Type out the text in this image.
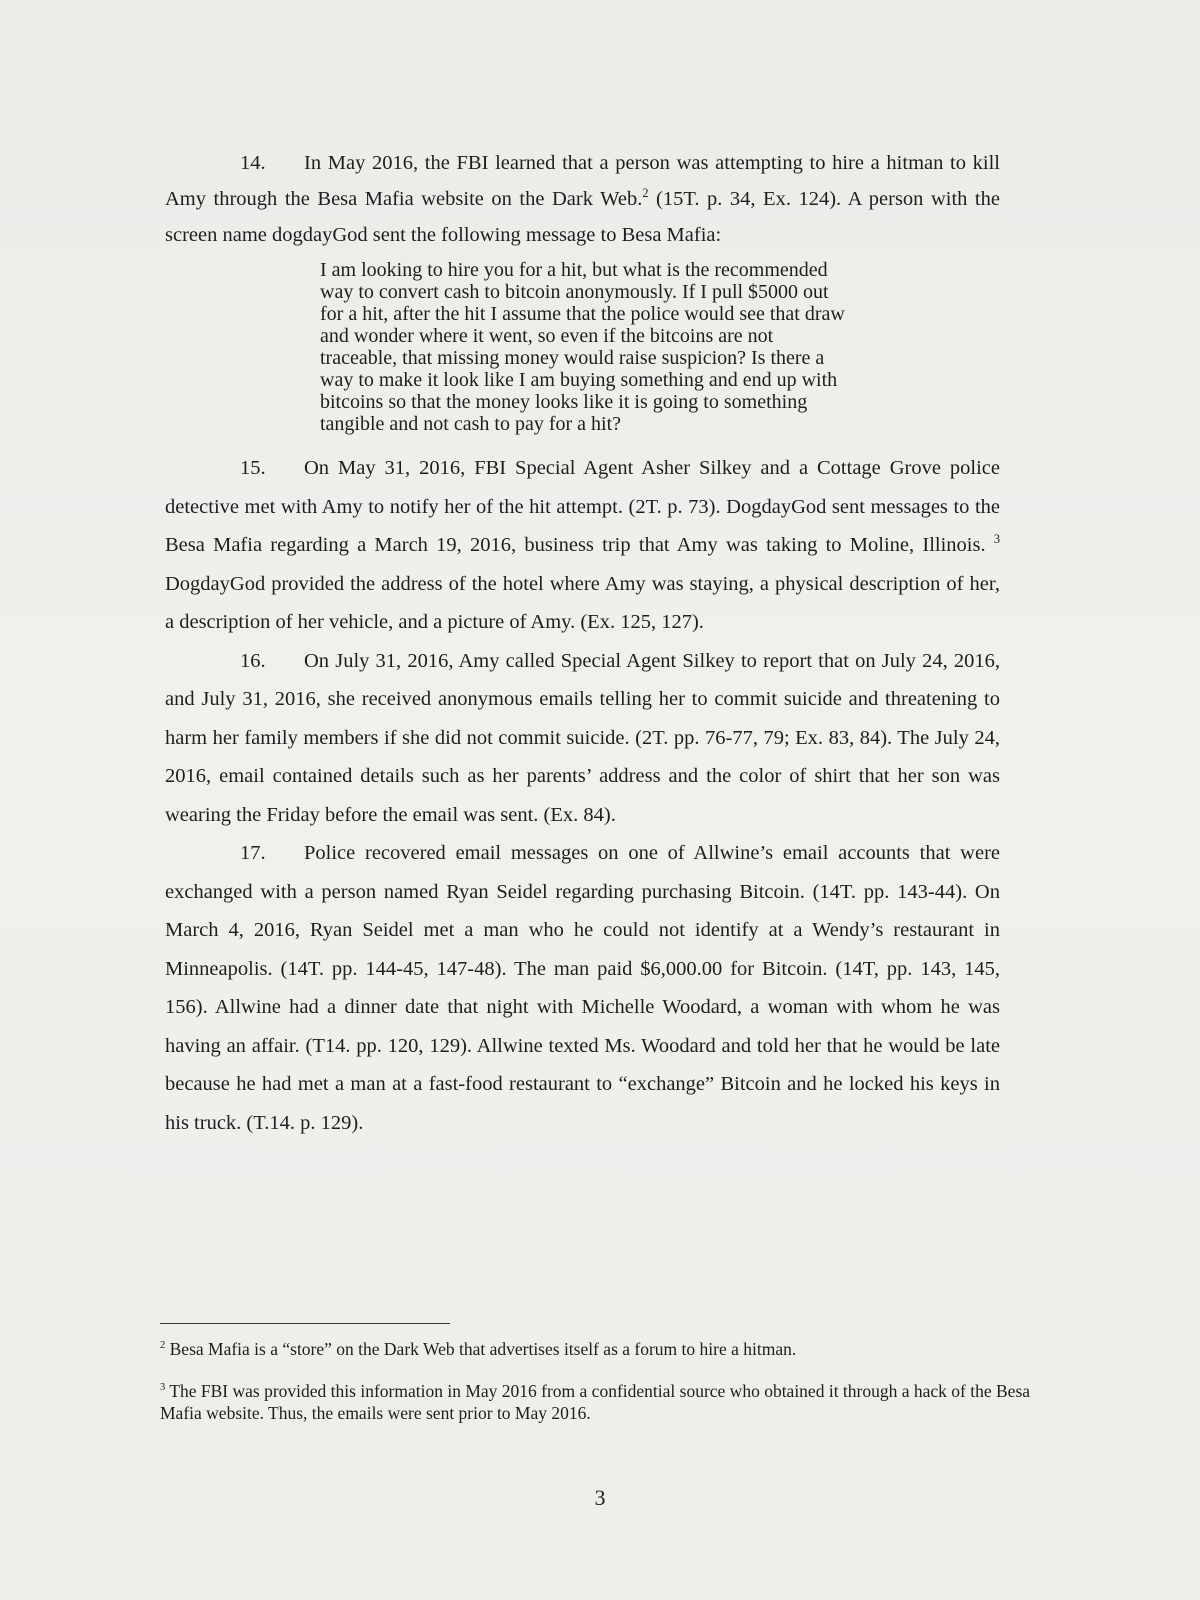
14. In May 2016, the FBI learned that a person was attempting to hire a hitman to kill Amy through the Besa Mafia website on the Dark Web.$^2$ (15T. p. 34, Ex. 124). A person with the screen name dogdayGod sent the following message to Besa Mafia:

I am looking to hire you for a hit, but what is the recommended way to convert cash to bitcoin anonymously. If I pull $5000 out for a hit, after the hit I assume that the police would see that draw and wonder where it went, so even if the bitcoins are not traceable, that missing money would raise suspicion? Is there a way to make it look like I am buying something and end up with bitcoins so that the money looks like it is going to something tangible and not cash to pay for a hit?

15. On May 31, 2016, FBI Special Agent Asher Silkey and a Cottage Grove police detective met with Amy to notify her of the hit attempt. (2T. p. 73). DogdayGod sent messages to the Besa Mafia regarding a March 19, 2016, business trip that Amy was taking to Moline, Illinois. $^3$ DogdayGod provided the address of the hotel where Amy was staying, a physical description of her, a description of her vehicle, and a picture of Amy. (Ex. 125, 127).

16. On July 31, 2016, Amy called Special Agent Silkey to report that on July 24, 2016, and July 31, 2016, she received anonymous emails telling her to commit suicide and threatening to harm her family members if she did not commit suicide. (2T. pp. 76-77, 79; Ex. 83, 84). The July 24, 2016, email contained details such as her parents’ address and the color of shirt that her son was wearing the Friday before the email was sent. (Ex. 84).

17. Police recovered email messages on one of Allwine’s email accounts that were exchanged with a person named Ryan Seidel regarding purchasing Bitcoin. (14T. pp. 143-44). On March 4, 2016, Ryan Seidel met a man who he could not identify at a Wendy’s restaurant in Minneapolis. (14T. pp. 144-45, 147-48). The man paid $6,000.00 for Bitcoin. (14T, pp. 143, 145, 156). Allwine had a dinner date that night with Michelle Woodard, a woman with whom he was having an affair. (T14. pp. 120, 129). Allwine texted Ms. Woodard and told her that he would be late because he had met a man at a fast-food restaurant to “exchange” Bitcoin and he locked his keys in his truck. (T.14. p. 129).

$^2$ Besa Mafia is a “store” on the Dark Web that advertises itself as a forum to hire a hitman.

$^3$ The FBI was provided this information in May 2016 from a confidential source who obtained it through a hack of the Besa Mafia website. Thus, the emails were sent prior to May 2016.

3
